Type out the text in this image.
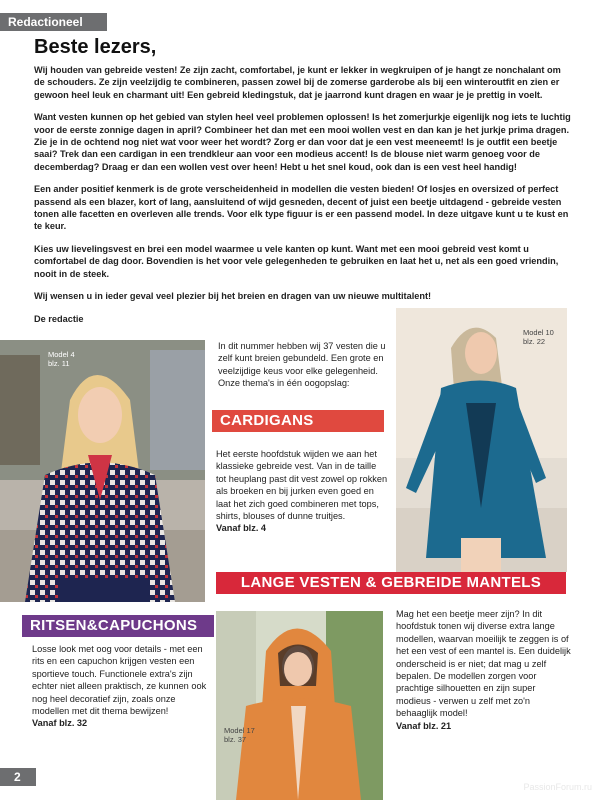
Redactioneel
Beste lezers,

Wij houden van gebreide vesten! Ze zijn zacht, comfortabel, je kunt er lekker in wegkruipen of je hangt ze nonchalant om de schouders. Ze zijn veelzijdig te combineren, passen zowel bij de zomerse garderobe als bij een winteroutfit en zien er gewoon heel leuk en charmant uit! Een gebreid kledingstuk, dat je jaarrond kunt dragen en waar je je prettig in voelt.

Want vesten kunnen op het gebied van stylen heel veel problemen oplossen! Is het zomerjurkje eigenlijk nog iets te luchtig voor de eerste zonnige dagen in april? Combineer het dan met een mooi wollen vest en dan kan je het jurkje prima dragen. Zie je in de ochtend nog niet wat voor weer het wordt? Zorg er dan voor dat je een vest meeneemt! Is je outfit een beetje saai? Trek dan een cardigan in een trendkleur aan voor een modieus accent! Is de blouse niet warm genoeg voor de decemberdag? Draag er dan een wollen vest over heen! Hebt u het snel koud, ook dan is een vest heel handig!

Een ander positief kenmerk is de grote verscheidenheid in modellen die vesten bieden! Of losjes en oversized of perfect passend als een blazer, kort of lang, aansluitend of wijd gesneden, decent of juist een beetje uitdagend - gebreide vesten tonen alle facetten en overleven alle trends. Voor elk type figuur is er een passend model. In deze uitgave kunt u te kust en te keur.

Kies uw lievelingsvest en brei een model waarmee u vele kanten op kunt. Want met een mooi gebreid vest komt u comfortabel de dag door. Bovendien is het voor vele gelegenheden te gebruiken en laat het u, net als een goed vriendin, nooit in de steek.

Wij wensen u in ieder geval veel plezier bij het breien en dragen van uw nieuwe multitalent!

De redactie

Model 4
blz. 11
In dit nummer hebben wij 37 vesten die u zelf kunt breien gebundeld. Een grote en veelzijdige keus voor elke gelegenheid. Onze thema's in één oogopslag:
CARDIGANS
Het eerste hoofdstuk wijden we aan het klassieke gebreide vest. Van in de taille tot heuplang past dit vest zowel op rokken als broeken en bij jurken even goed en laat het zich goed combineren met tops, shirts, blouses of dunne truitjes.
Vanaf blz. 4
Model 10
blz. 22
LANGE VESTEN & GEBREIDE MANTELS
RITSEN&CAPUCHONS
Losse look met oog voor details - met een rits en een capuchon krijgen vesten een sportieve touch. Functionele extra's zijn echter niet alleen praktisch, ze kunnen ook nog heel decoratief zijn, zoals onze modellen met dit thema bewijzen!
Vanaf blz. 32
Model 17
blz. 37
Mag het een beetje meer zijn? In dit hoofdstuk tonen wij diverse extra lange modellen, waarvan moeilijk te zeggen is of het een vest of een mantel is. Een duidelijk onderscheid is er niet; dat mag u zelf bepalen. De modellen zorgen voor prachtige silhouetten en zijn super modieus - verwen u zelf met zo'n behaaglijk model!
Vanaf blz. 21
2
PassionForum.ru
